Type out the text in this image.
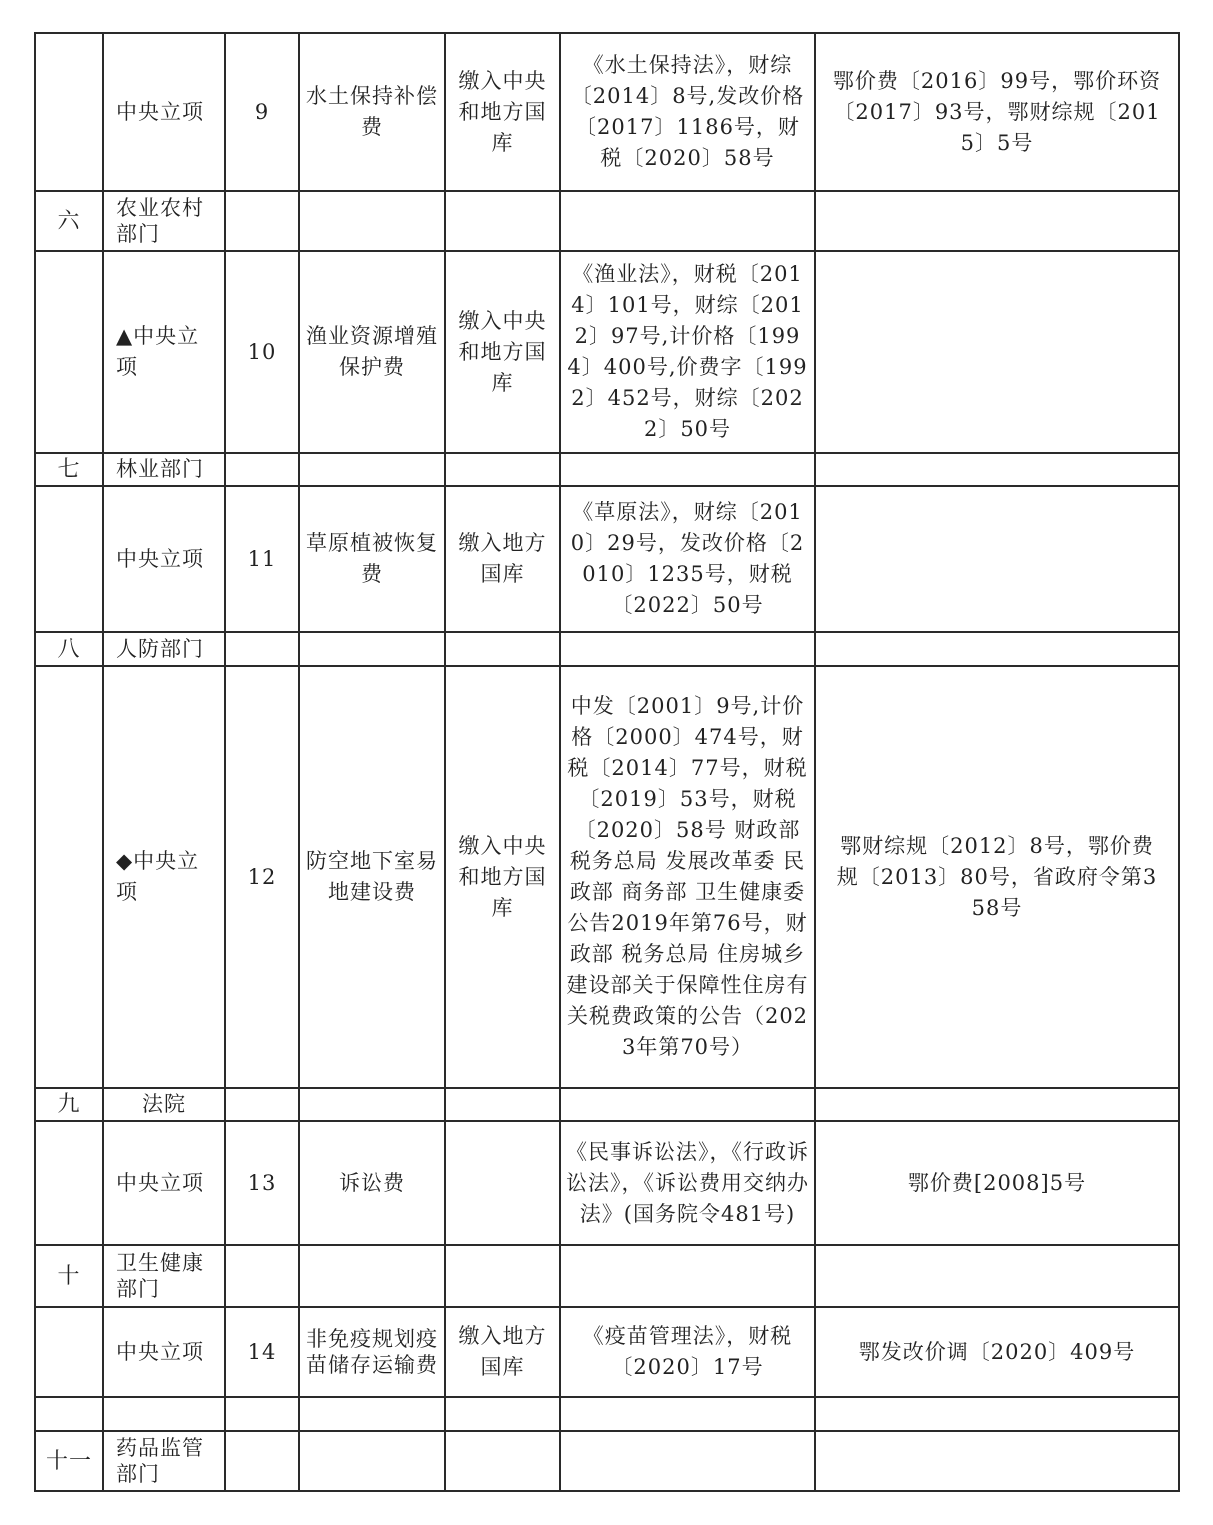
	中央立项	9	水土保持补偿费	缴入中央和地方国库	《水土保持法》，财综〔2014〕8号,发改价格〔2017〕1186号，财税〔2020〕58号	鄂价费〔2016〕99号，鄂价环资〔2017〕93号，鄂财综规〔2015〕5号
六	农业农村部门					
	▲中央立项	10	渔业资源增殖保护费	缴入中央和地方国库	《渔业法》，财税〔2014〕101号，财综〔2012〕97号,计价格〔1994〕400号,价费字〔1992〕452号，财综〔2022〕50号	
七	林业部门					
	中央立项	11	草原植被恢复费	缴入地方国库	《草原法》，财综〔2010〕29号，发改价格〔2010〕1235号，财税〔2022〕50号	
八	人防部门					
	◆中央立项	12	防空地下室易地建设费	缴入中央和地方国库	中发〔2001〕9号,计价格〔2000〕474号，财税〔2014〕77号，财税〔2019〕53号，财税〔2020〕58号 财政部 税务总局 发展改革委 民政部 商务部 卫生健康委公告2019年第76号，财政部 税务总局 住房城乡建设部关于保障性住房有关税费政策的公告（2023年第70号）	鄂财综规〔2012〕8号，鄂价费规〔2013〕80号，省政府令第358号
九	法院					
	中央立项	13	诉讼费		《民事诉讼法》，《行政诉讼法》，《诉讼费用交纳办法》(国务院令481号)	鄂价费[2008]5号
十	卫生健康部门					
	中央立项	14	非免疫规划疫苗储存运输费	缴入地方国库	《疫苗管理法》，财税〔2020〕17号	鄂发改价调〔2020〕409号

十一	药品监管部门					
